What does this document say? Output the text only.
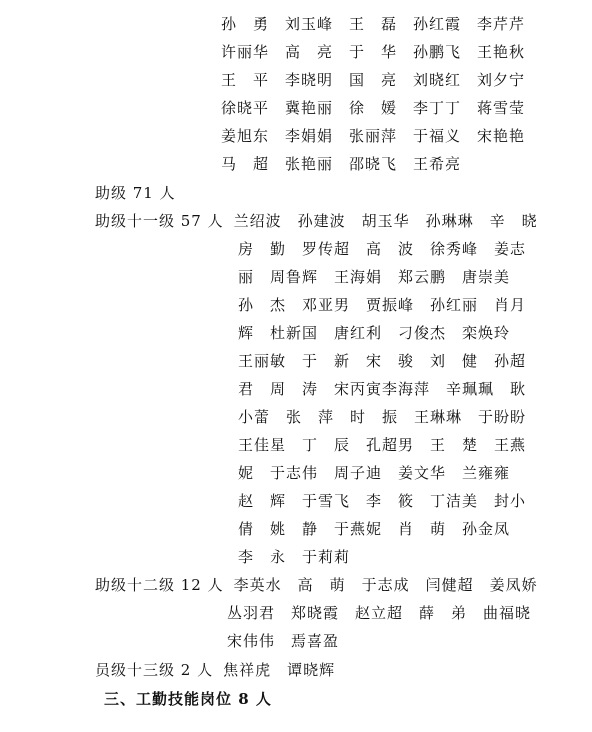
孙　勇　刘玉峰　王　磊　孙红霞　李芹芹
许丽华　高　亮　于　华　孙鹏飞　王艳秋
王　平　李晓明　国　亮　刘晓红　刘夕宁
徐晓平　冀艳丽　徐　媛　李丁丁　蒋雪莹
姜旭东　李娟娟　张丽萍　于福义　宋艳艳
马　超　张艳丽　邵晓飞　王希亮
助级 71 人
助级十一级 57 人 兰绍波　孙建波　胡玉华　孙琳琳　辛　晓
房　勤　罗传超　高　波　徐秀峰　姜志
丽　周鲁辉　王海娟　郑云鹏　唐崇美
孙　杰　邓亚男　贾振峰　孙红丽　肖月
辉　杜新国　唐红利　刁俊杰　栾焕玲
王丽敏　于　新　宋　骏　刘　健　孙超
君　周　涛　宋丙寅李海萍　辛珮珮　耿
小蕾　张　萍　时　振　王琳琳　于盼盼
王佳星　丁　辰　孔超男　王　楚　王燕
妮　于志伟　周子迪　姜文华　兰雍雍
赵　辉　于雪飞　李　筱　丁洁美　封小
倩　姚　静　于燕妮　肖　萌　孙金凤
李　永　于莉莉
助级十二级 12 人 李英水　高　萌　于志成　闫健超　姜凤娇
丛羽君　郑晓霞　赵立超　薛　弟　曲福晓
宋伟伟　焉喜盈
员级十三级 2 人 焦祥虎　谭晓辉
三、工勤技能岗位 8 人
